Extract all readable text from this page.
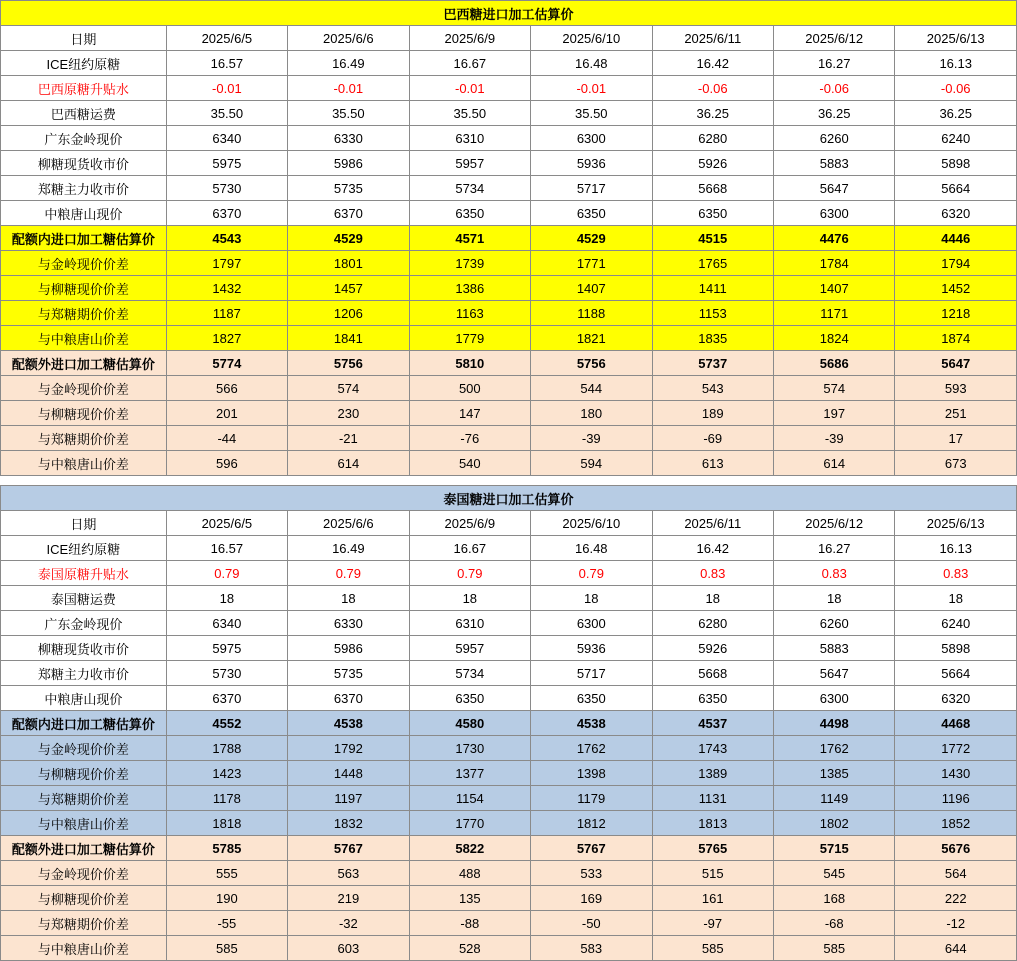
巴西糖进口加工估算价							
日期	2025/6/5	2025/6/6	2025/6/9	2025/6/10	2025/6/11	2025/6/12	2025/6/13
ICE纽约原糖	16.57	16.49	16.67	16.48	16.42	16.27	16.13
巴西原糖升贴水	-0.01	-0.01	-0.01	-0.01	-0.06	-0.06	-0.06
巴西糖运费	35.50	35.50	35.50	35.50	36.25	36.25	36.25
广东金岭现价	6340	6330	6310	6300	6280	6260	6240
柳糖现货收市价	5975	5986	5957	5936	5926	5883	5898
郑糖主力收市价	5730	5735	5734	5717	5668	5647	5664
中粮唐山现价	6370	6370	6350	6350	6350	6300	6320
配额内进口加工糖估算价	4543	4529	4571	4529	4515	4476	4446
与金岭现价价差	1797	1801	1739	1771	1765	1784	1794
与柳糖现价价差	1432	1457	1386	1407	1411	1407	1452
与郑糖期价价差	1187	1206	1163	1188	1153	1171	1218
与中粮唐山价差	1827	1841	1779	1821	1835	1824	1874
配额外进口加工糖估算价	5774	5756	5810	5756	5737	5686	5647
与金岭现价价差	566	574	500	544	543	574	593
与柳糖现价价差	201	230	147	180	189	197	251
与郑糖期价价差	-44	-21	-76	-39	-69	-39	17
与中粮唐山价差	596	614	540	594	613	614	673
泰国糖进口加工估算价							
日期	2025/6/5	2025/6/6	2025/6/9	2025/6/10	2025/6/11	2025/6/12	2025/6/13
ICE纽约原糖	16.57	16.49	16.67	16.48	16.42	16.27	16.13
泰国原糖升贴水	0.79	0.79	0.79	0.79	0.83	0.83	0.83
泰国糖运费	18	18	18	18	18	18	18
广东金岭现价	6340	6330	6310	6300	6280	6260	6240
柳糖现货收市价	5975	5986	5957	5936	5926	5883	5898
郑糖主力收市价	5730	5735	5734	5717	5668	5647	5664
中粮唐山现价	6370	6370	6350	6350	6350	6300	6320
配额内进口加工糖估算价	4552	4538	4580	4538	4537	4498	4468
与金岭现价价差	1788	1792	1730	1762	1743	1762	1772
与柳糖现价价差	1423	1448	1377	1398	1389	1385	1430
与郑糖期价价差	1178	1197	1154	1179	1131	1149	1196
与中粮唐山价差	1818	1832	1770	1812	1813	1802	1852
配额外进口加工糖估算价	5785	5767	5822	5767	5765	5715	5676
与金岭现价价差	555	563	488	533	515	545	564
与柳糖现价价差	190	219	135	169	161	168	222
与郑糖期价价差	-55	-32	-88	-50	-97	-68	-12
与中粮唐山价差	585	603	528	583	585	585	644
